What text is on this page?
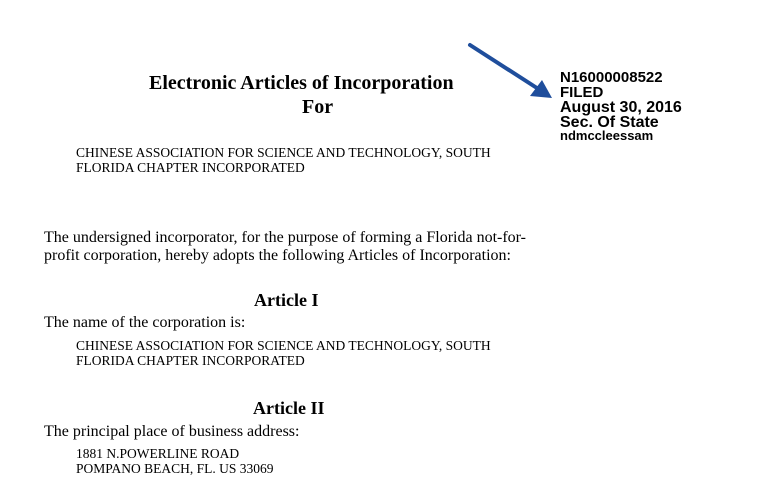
Electronic Articles of Incorporation
For
N16000008522
FILED
August 30, 2016
Sec. Of State
ndmccleessam
CHINESE ASSOCIATION FOR SCIENCE AND TECHNOLOGY, SOUTH
FLORIDA CHAPTER INCORPORATED
The undersigned incorporator, for the purpose of forming a Florida not-for-
profit corporation, hereby adopts the following Articles of Incorporation:
Article I
The name of the corporation is:
CHINESE ASSOCIATION FOR SCIENCE AND TECHNOLOGY, SOUTH
FLORIDA CHAPTER INCORPORATED
Article II
The principal place of business address:
1881 N.POWERLINE ROAD
POMPANO BEACH, FL. US 33069
